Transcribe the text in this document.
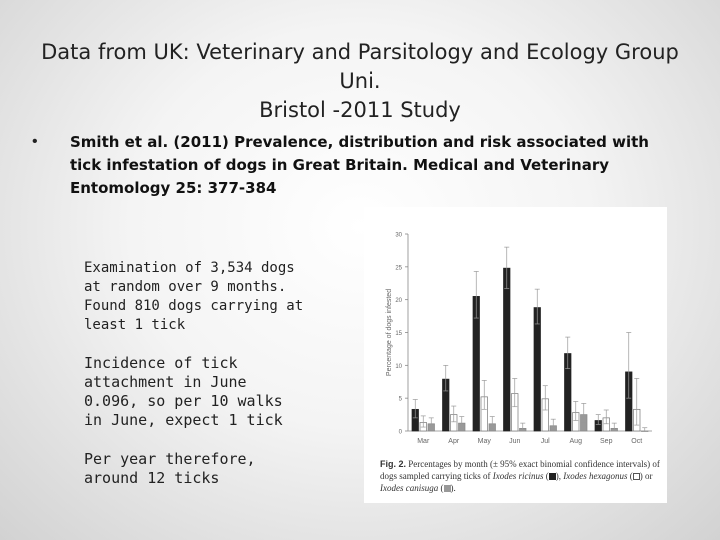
Data from UK: Veterinary and Parsitology and Ecology Group Uni.
Bristol -2011 Study
• Smith et al. (2011) Prevalence, distribution and risk associated with tick infestation of dogs in Great Britain. Medical and Veterinary Entomology 25: 377-384
Examination of 3,534 dogs at random over 9 months. Found 810 dogs carrying at least 1 tick
Incidence of tick attachment in June 0.096, so per 10 walks in June, expect 1 tick
Per year therefore, around 12 ticks
0
5
10
15
20
25
30
Percentage of dogs infested
Mar	Apr	May	Jun	Jul	Aug	Sep	Oct
Fig. 2. Percentages by month (± 95% exact binomial confidence intervals) of dogs sampled carrying ticks of Ixodes ricinus ( ), Ixodes hexagonus ( ) or Ixodes canisuga ( ).
